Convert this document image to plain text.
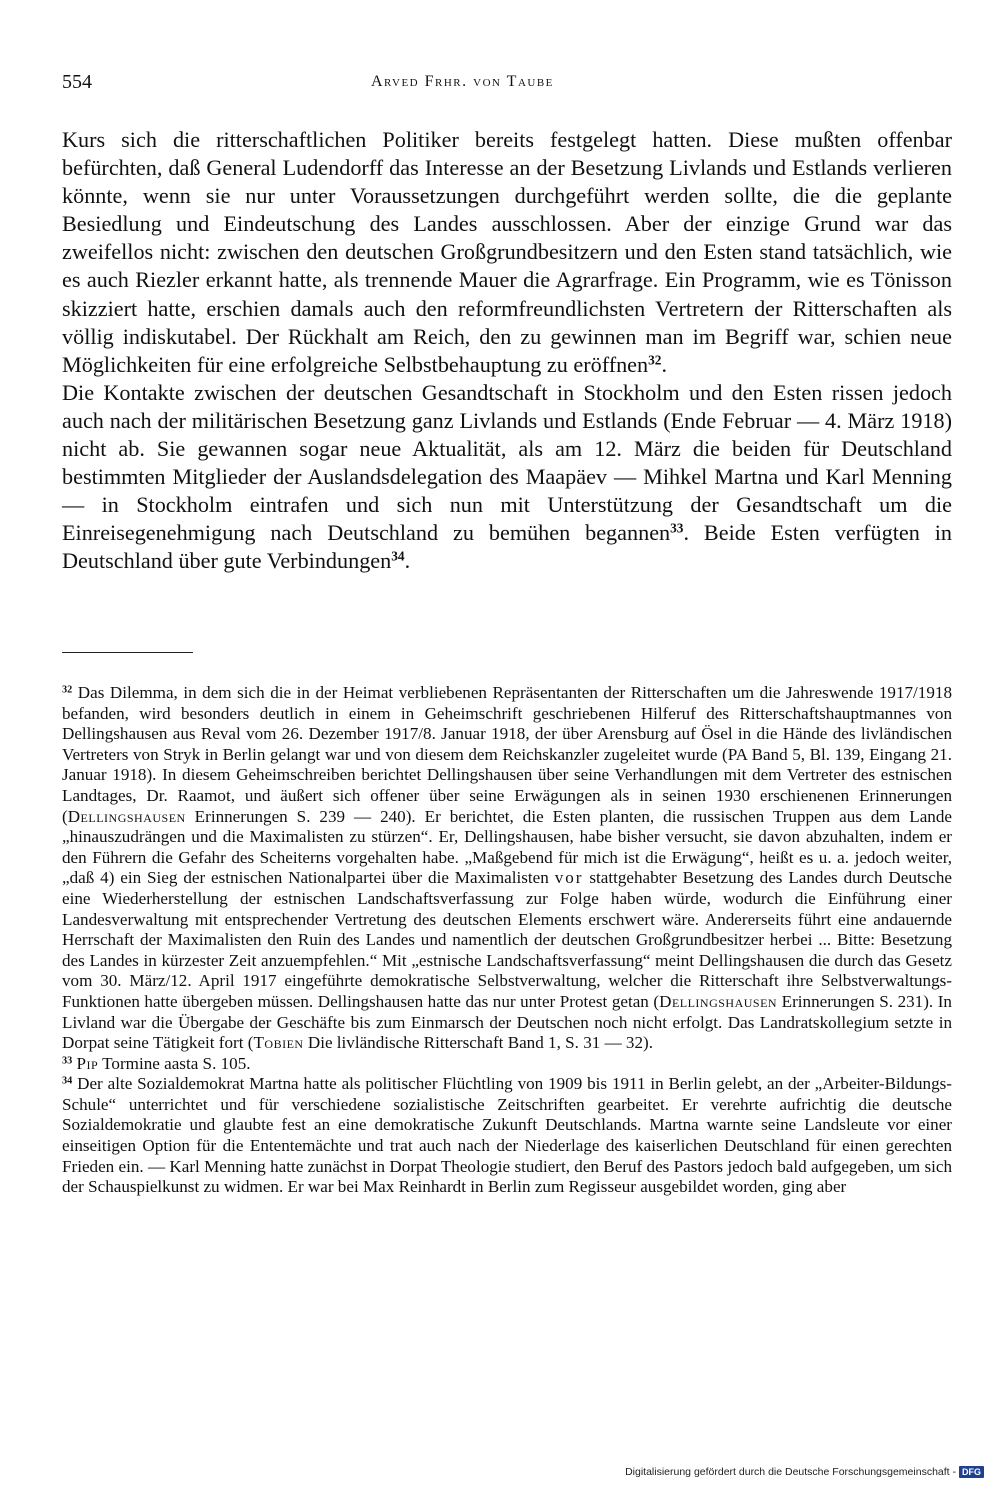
554	Arved Frhr. von Taube

Kurs sich die ritterschaftlichen Politiker bereits festgelegt hatten. Diese mußten offenbar befürchten, daß General Ludendorff das Interesse an der Besetzung Livlands und Estlands verlieren könnte, wenn sie nur unter Voraussetzungen durchgeführt werden sollte, die die geplante Besiedlung und Eindeutschung des Landes ausschlossen. Aber der einzige Grund war das zweifellos nicht: zwischen den deutschen Großgrundbesitzern und den Esten stand tatsächlich, wie es auch Riezler erkannt hatte, als trennende Mauer die Agrarfrage. Ein Programm, wie es Tönisson skizziert hatte, erschien damals auch den reformfreundlichsten Vertretern der Ritterschaften als völlig indiskutabel. Der Rückhalt am Reich, den zu gewinnen man im Begriff war, schien neue Möglichkeiten für eine erfolgreiche Selbstbehauptung zu eröffnen$^{32}$.

Die Kontakte zwischen der deutschen Gesandtschaft in Stockholm und den Esten rissen jedoch auch nach der militärischen Besetzung ganz Livlands und Estlands (Ende Februar — 4. März 1918) nicht ab. Sie gewannen sogar neue Aktualität, als am 12. März die beiden für Deutschland bestimmten Mitglieder der Auslandsdelegation des Maapäev — Mihkel Martna und Karl Menning — in Stockholm eintrafen und sich nun mit Unterstützung der Gesandtschaft um die Einreisegenehmigung nach Deutschland zu bemühen begannen$^{33}$. Beide Esten verfügten in Deutschland über gute Verbindungen$^{34}$.

$^{32}$ Das Dilemma, in dem sich die in der Heimat verbliebenen Repräsentanten der Ritterschaften um die Jahreswende 1917/1918 befanden, wird besonders deutlich in einem in Geheimschrift geschriebenen Hilferuf des Ritterschaftshauptmannes von Dellingshausen aus Reval vom 26. Dezember 1917/8. Januar 1918, der über Arensburg auf Ösel in die Hände des livländischen Vertreters von Stryk in Berlin gelangt war und von diesem dem Reichskanzler zugeleitet wurde (PA Band 5, Bl. 139, Eingang 21. Januar 1918). In diesem Geheimschreiben berichtet Dellingshausen über seine Verhandlungen mit dem Vertreter des estnischen Landtages, Dr. Raamot, und äußert sich offener über seine Erwägungen als in seinen 1930 erschienenen Erinnerungen (Dellingshausen Erinnerungen S. 239 — 240). Er berichtet, die Esten planten, die russischen Truppen aus dem Lande „hinauszudrängen und die Maximalisten zu stürzen“. Er, Dellingshausen, habe bisher versucht, sie davon abzuhalten, indem er den Führern die Gefahr des Scheiterns vorgehalten habe. „Maßgebend für mich ist die Erwägung“, heißt es u. a. jedoch weiter, „daß 4) ein Sieg der estnischen Nationalpartei über die Maximalisten vor stattgehabter Besetzung des Landes durch Deutsche eine Wiederherstellung der estnischen Landschaftsverfassung zur Folge haben würde, wodurch die Einführung einer Landesverwaltung mit entsprechender Vertretung des deutschen Elements erschwert wäre. Andererseits führt eine andauernde Herrschaft der Maximalisten den Ruin des Landes und namentlich der deutschen Großgrundbesitzer herbei ... Bitte: Besetzung des Landes in kürzester Zeit anzuempfehlen.“ Mit „estnische Landschaftsverfassung“ meint Dellingshausen die durch das Gesetz vom 30. März/12. April 1917 eingeführte demokratische Selbstverwaltung, welcher die Ritterschaft ihre Selbstverwaltungs-Funktionen hatte übergeben müssen. Dellingshausen hatte das nur unter Protest getan (Dellingshausen Erinnerungen S. 231). In Livland war die Übergabe der Geschäfte bis zum Einmarsch der Deutschen noch nicht erfolgt. Das Landratskollegium setzte in Dorpat seine Tätigkeit fort (Tobien Die livländische Ritterschaft Band 1, S. 31 — 32).

$^{33}$ Pip Tormine aasta S. 105.

$^{34}$ Der alte Sozialdemokrat Martna hatte als politischer Flüchtling von 1909 bis 1911 in Berlin gelebt, an der „Arbeiter-Bildungs-Schule“ unterrichtet und für verschiedene sozialistische Zeitschriften gearbeitet. Er verehrte aufrichtig die deutsche Sozialdemokratie und glaubte fest an eine demokratische Zukunft Deutschlands. Martna warnte seine Landsleute vor einer einseitigen Option für die Ententemächte und trat auch nach der Niederlage des kaiserlichen Deutschland für einen gerechten Frieden ein. — Karl Menning hatte zunächst in Dorpat Theologie studiert, den Beruf des Pastors jedoch bald aufgegeben, um sich der Schauspielkunst zu widmen. Er war bei Max Reinhardt in Berlin zum Regisseur ausgebildet worden, ging aber

Digitalisierung gefördert durch die Deutsche Forschungsgemeinschaft - DFG
